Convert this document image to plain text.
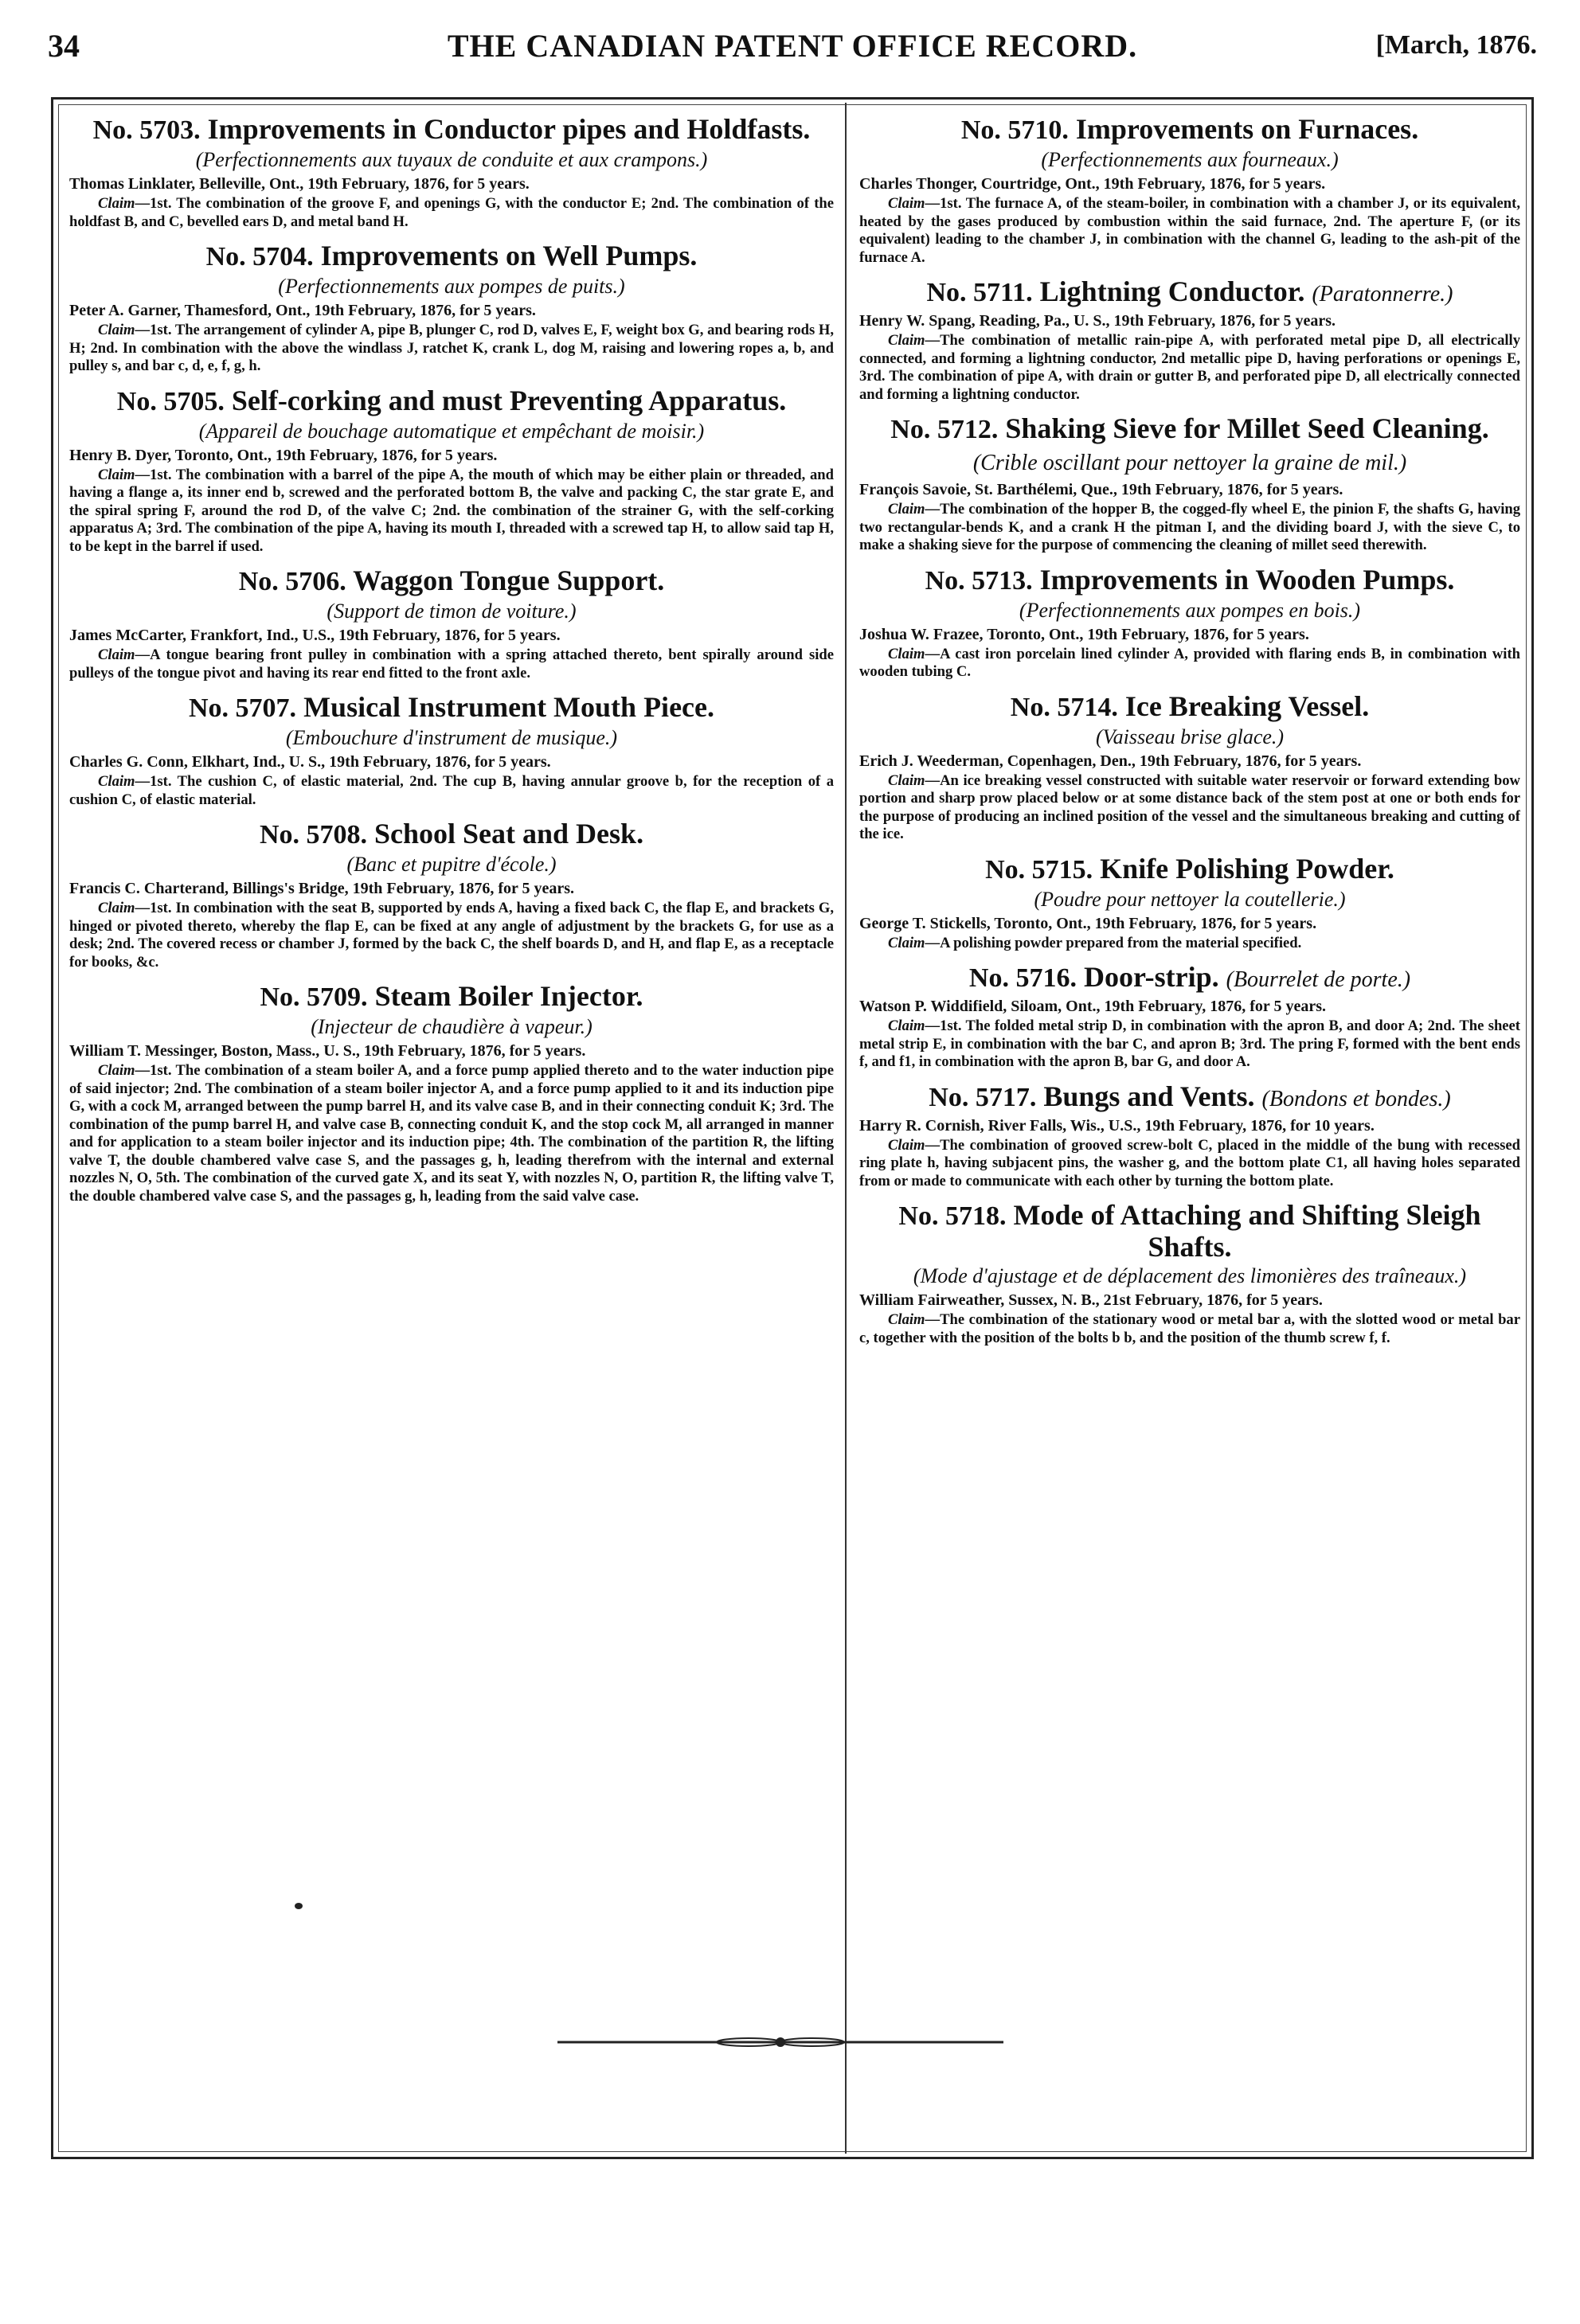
34	THE CANADIAN PATENT OFFICE RECORD.	[March, 1876.
No. 5703. Improvements in Conductor pipes and Holdfasts.
(Perfectionnements aux tuyaux de conduite et aux crampons.)
Thomas Linklater, Belleville, Ont., 19th February, 1876, for 5 years.

Claim—1st. The combination of the groove F, and openings G, with the conductor E; 2nd. The combination of the holdfast B, and C, bevelled ears D, and metal band H.

No. 5704. Improvements on Well Pumps.
(Perfectionnements aux pompes de puits.)
Peter A. Garner, Thamesford, Ont., 19th February, 1876, for 5 years.

Claim—1st. The arrangement of cylinder A, pipe B, plunger C, rod D, valves E, F, weight box G, and bearing rods H, H; 2nd. In combination with the above the windlass J, ratchet K, crank L, dog M, raising and lowering ropes a, b, and pulley s, and bar c, d, e, f, g, h.

No. 5705. Self-corking and must Preventing Apparatus.
(Appareil de bouchage automatique et empêchant de moisir.)
Henry B. Dyer, Toronto, Ont., 19th February, 1876, for 5 years.

Claim—1st. The combination with a barrel of the pipe A, the mouth of which may be either plain or threaded, and having a flange a, its inner end b, screwed and the perforated bottom B, the valve and packing C, the star grate E, and the spiral spring F, around the rod D, of the valve C; 2nd. the combination of the strainer G, with the self-corking apparatus A; 3rd. The combination of the pipe A, having its mouth I, threaded with a screwed tap H, to allow said tap H, to be kept in the barrel if used.

No. 5706. Waggon Tongue Support.
(Support de timon de voiture.)
James McCarter, Frankfort, Ind., U.S., 19th February, 1876, for 5 years.

Claim—A tongue bearing front pulley in combination with a spring attached thereto, bent spirally around side pulleys of the tongue pivot and having its rear end fitted to the front axle.

No. 5707. Musical Instrument Mouth Piece.
(Embouchure d'instrument de musique.)
Charles G. Conn, Elkhart, Ind., U. S., 19th February, 1876, for 5 years.

Claim—1st. The cushion C, of elastic material, 2nd. The cup B, having annular groove b, for the reception of a cushion C, of elastic material.

No. 5708. School Seat and Desk.
(Banc et pupitre d'école.)
Francis C. Charterand, Billings's Bridge, 19th February, 1876, for 5 years.

Claim—1st. In combination with the seat B, supported by ends A, having a fixed back C, the flap E, and brackets G, hinged or pivoted thereto, whereby the flap E, can be fixed at any angle of adjustment by the brackets G, for use as a desk; 2nd. The covered recess or chamber J, formed by the back C, the shelf boards D, and H, and flap E, as a receptacle for books, &c.

No. 5709. Steam Boiler Injector.
(Injecteur de chaudière à vapeur.)
William T. Messinger, Boston, Mass., U. S., 19th February, 1876, for 5 years.

Claim—1st. The combination of a steam boiler A, and a force pump applied thereto and to the water induction pipe of said injector; 2nd. The combination of a steam boiler injector A, and a force pump applied to it and its induction pipe G, with a cock M, arranged between the pump barrel H, and its valve case B, and in their connecting conduit K; 3rd. The combination of the pump barrel H, and valve case B, connecting conduit K, and the stop cock M, all arranged in manner and for application to a steam boiler injector and its induction pipe; 4th. The combination of the partition R, the lifting valve T, the double chambered valve case S, and the passages g, h, leading therefrom with the internal and external nozzles N, O, 5th. The combination of the curved gate X, and its seat Y, with nozzles N, O, partition R, the lifting valve T, the double chambered valve case S, and the passages g, h, leading from the said valve case.

No. 5710. Improvements on Furnaces.
(Perfectionnements aux fourneaux.)
Charles Thonger, Courtridge, Ont., 19th February, 1876, for 5 years.

Claim—1st. The furnace A, of the steam-boiler, in combination with a chamber J, or its equivalent, heated by the gases produced by combustion within the said furnace, 2nd. The aperture F, (or its equivalent) leading to the chamber J, in combination with the channel G, leading to the ash-pit of the furnace A.

No. 5711. Lightning Conductor. (Paratonnerre.)
Henry W. Spang, Reading, Pa., U. S., 19th February, 1876, for 5 years.

Claim—The combination of metallic rain-pipe A, with perforated metal pipe D, all electrically connected, and forming a lightning conductor, 2nd metallic pipe D, having perforations or openings E, 3rd. The combination of pipe A, with drain or gutter B, and perforated pipe D, all electrically connected and forming a lightning conductor.

No. 5712. Shaking Sieve for Millet Seed Cleaning. (Crible oscillant pour nettoyer la graine de mil.)
François Savoie, St. Barthélemi, Que., 19th February, 1876, for 5 years.

Claim—The combination of the hopper B, the cogged-fly wheel E, the pinion F, the shafts G, having two rectangular-bends K, and a crank H the pitman I, and the dividing board J, with the sieve C, to make a shaking sieve for the purpose of commencing the cleaning of millet seed therewith.

No. 5713. Improvements in Wooden Pumps.
(Perfectionnements aux pompes en bois.)
Joshua W. Frazee, Toronto, Ont., 19th February, 1876, for 5 years.

Claim—A cast iron porcelain lined cylinder A, provided with flaring ends B, in combination with wooden tubing C.

No. 5714. Ice Breaking Vessel.
(Vaisseau brise glace.)
Erich J. Weederman, Copenhagen, Den., 19th February, 1876, for 5 years.

Claim—An ice breaking vessel constructed with suitable water reservoir or forward extending bow portion and sharp prow placed below or at some distance back of the stem post at one or both ends for the purpose of producing an inclined position of the vessel and the simultaneous breaking and cutting of the ice.

No. 5715. Knife Polishing Powder.
(Poudre pour nettoyer la coutellerie.)
George T. Stickells, Toronto, Ont., 19th February, 1876, for 5 years.

Claim—A polishing powder prepared from the material specified.

No. 5716. Door-strip. (Bourrelet de porte.)
Watson P. Widdifield, Siloam, Ont., 19th February, 1876, for 5 years.

Claim—1st. The folded metal strip D, in combination with the apron B, and door A; 2nd. The sheet metal strip E, in combination with the bar C, and apron B; 3rd. The pring F, formed with the bent ends f, and f1, in combination with the apron B, bar G, and door A.

No. 5717. Bungs and Vents. (Bondons et bondes.)
Harry R. Cornish, River Falls, Wis., U.S., 19th February, 1876, for 10 years.

Claim—The combination of grooved screw-bolt C, placed in the middle of the bung with recessed ring plate h, having subjacent pins, the washer g, and the bottom plate C1, all having holes separated from or made to communicate with each other by turning the bottom plate.

No. 5718. Mode of Attaching and Shifting Sleigh Shafts.
(Mode d'ajustage et de déplacement des limonières des traîneaux.)
William Fairweather, Sussex, N. B., 21st February, 1876, for 5 years.

Claim—The combination of the stationary wood or metal bar a, with the slotted wood or metal bar c, together with the position of the bolts b b, and the position of the thumb screw f, f.
